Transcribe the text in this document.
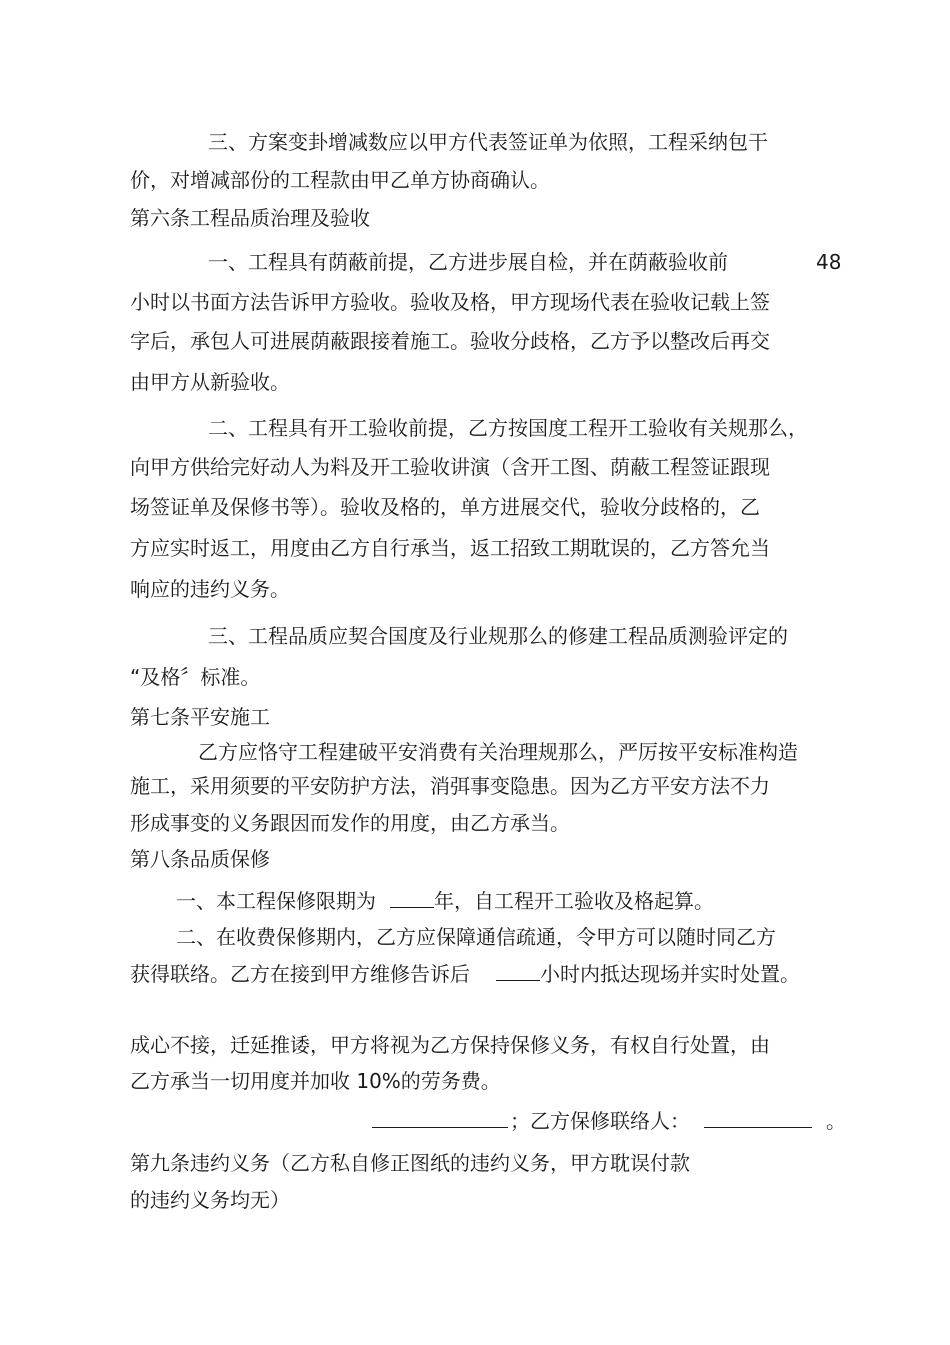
三、方案变卦增减数应以甲方代表签证单为依照，工程采纳包干
价，对增减部份的工程款由甲乙单方协商确认。
第六条工程品质治理及验收
一、工程具有荫蔽前提，乙方进步展自检，并在荫蔽验收前	48
小时以书面方法告诉甲方验收。验收及格，甲方现场代表在验收记载上签
字后，承包人可进展荫蔽跟接着施工。验收分歧格，乙方予以整改后再交
由甲方从新验收。
二、工程具有开工验收前提，乙方按国度工程开工验收有关规那么，
向甲方供给完好动人为料及开工验收讲演（含开工图、荫蔽工程签证跟现
场签证单及保修书等）。验收及格的，单方进展交代，验收分歧格的，乙
方应实时返工，用度由乙方自行承当，返工招致工期耽误的，乙方答允当
响应的违约义务。
三、工程品质应契合国度及行业规那么的修建工程品质测验评定的
“及格〞标准。
第七条平安施工
乙方应恪守工程建破平安消费有关治理规那么，严厉按平安标准构造
施工，采用须要的平安防护方法，消弭事变隐患。因为乙方平安方法不力
形成事变的义务跟因而发作的用度，由乙方承当。
第八条品质保修
一、本工程保修限期为	年，自工程开工验收及格起算。
二、在收费保修期内，乙方应保障通信疏通，令甲方可以随时同乙方
获得联络。乙方在接到甲方维修告诉后	小时内抵达现场并实时处置。
成心不接，迁延推诿，甲方将视为乙方保持保修义务，有权自行处置，由
乙方承当一切用度并加收 10%的劳务费。
；乙方保修联络人：	。
第九条违约义务（乙方私自修正图纸的违约义务，甲方耽误付款
的违约义务均无）
